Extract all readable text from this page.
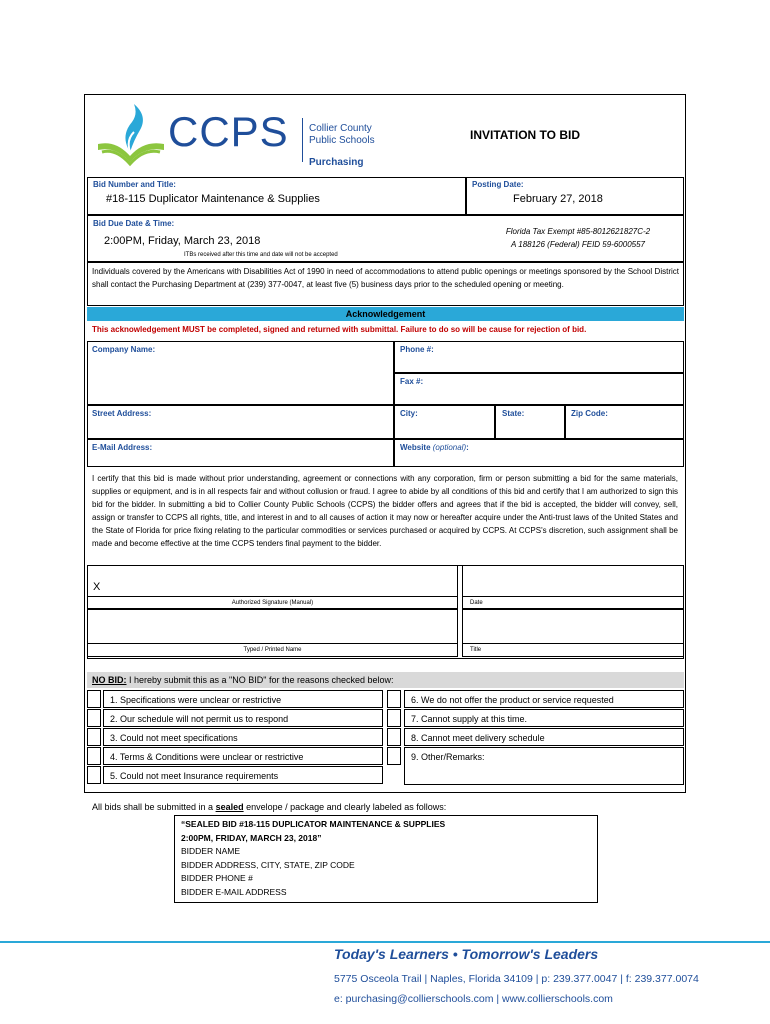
CCPS Collier County
Public Schools
Purchasing
INVITATION TO BID
Bid Number and Title:
#18-115 Duplicator Maintenance & Supplies
Posting Date:
February 27, 2018
Bid Due Date & Time:
2:00PM, Friday, March 23, 2018
ITBs received after this time and date will not be accepted
Florida Tax Exempt #85-8012621827C-2
A 188126 (Federal) FEID 59-6000557
Individuals covered by the Americans with Disabilities Act of 1990 in need of accommodations to attend public openings or meetings sponsored by the School District shall contact the Purchasing Department at (239) 377-0047, at least five (5) business days prior to the scheduled opening or meeting.
Acknowledgement
This acknowledgement MUST be completed, signed and returned with submittal. Failure to do so will be cause for rejection of bid.
Company Name:	Phone #:
Fax #:
Street Address:	City:	State:	Zip Code:
E-Mail Address:	Website (optional):
I certify that this bid is made without prior understanding, agreement or connections with any corporation, firm or person submitting a bid for the same materials, supplies or equipment, and is in all respects fair and without collusion or fraud. I agree to abide by all conditions of this bid and certify that I am authorized to sign this bid for the bidder. In submitting a bid to Collier County Public Schools (CCPS) the bidder offers and agrees that if the bid is accepted, the bidder will convey, sell, assign or transfer to CCPS all rights, title, and interest in and to all causes of action it may now or hereafter acquire under the Anti-trust laws of the United States and the State of Florida for price fixing relating to the particular commodities or services purchased or acquired by CCPS. At CCPS's discretion, such assignment shall be made and become effective at the time CCPS tenders final payment to the bidder.
X
Authorized Signature (Manual)	Date
Typed / Printed Name	Title
NO BID: I hereby submit this as a "NO BID" for the reasons checked below:
1. Specifications were unclear or restrictive
2. Our schedule will not permit us to respond
3. Could not meet specifications
4. Terms & Conditions were unclear or restrictive
5. Could not meet Insurance requirements
6. We do not offer the product or service requested
7. Cannot supply at this time.
8. Cannot meet delivery schedule
9. Other/Remarks:
All bids shall be submitted in a sealed envelope / package and clearly labeled as follows:
“SEALED BID #18-115 DUPLICATOR MAINTENANCE & SUPPLIES
2:00PM, FRIDAY, MARCH 23, 2018”
BIDDER NAME
BIDDER ADDRESS, CITY, STATE, ZIP CODE
BIDDER PHONE #
BIDDER E-MAIL ADDRESS
Today's Learners • Tomorrow's Leaders
5775 Osceola Trail | Naples, Florida 34109 | p: 239.377.0047 | f: 239.377.0074
e: purchasing@collierschools.com | www.collierschools.com
